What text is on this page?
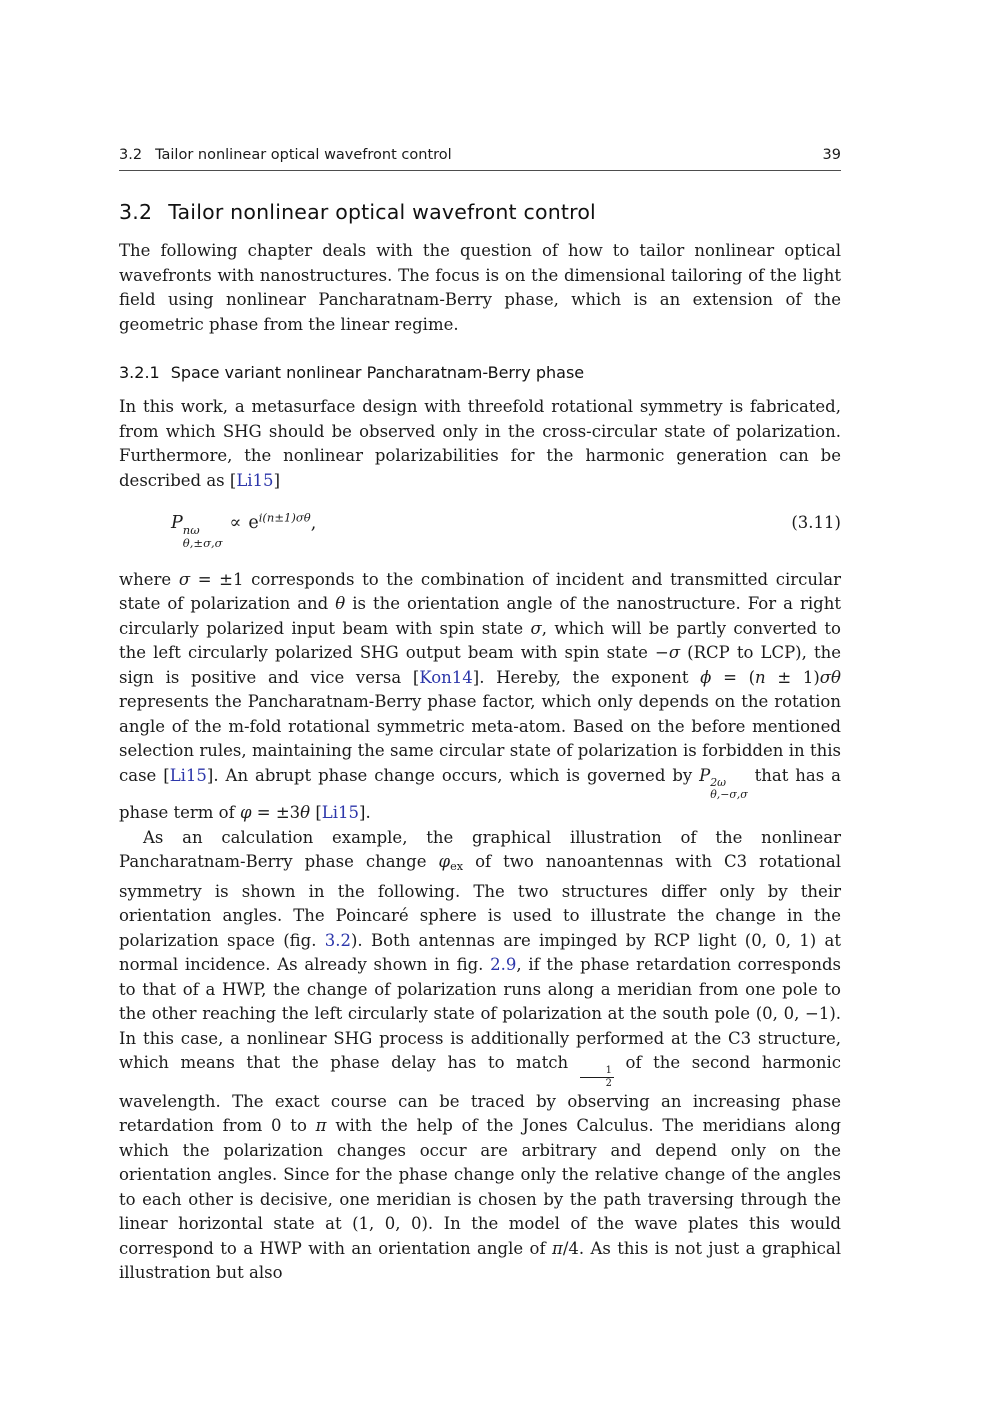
3.2 Tailor nonlinear optical wavefront control	39
3.2 Tailor nonlinear optical wavefront control

The following chapter deals with the question of how to tailor nonlinear optical wavefronts with nanostructures. The focus is on the dimensional tailoring of the light field using nonlinear Pancharatnam-Berry phase, which is an extension of the geometric phase from the linear regime.

3.2.1 Space variant nonlinear Pancharatnam-Berry phase

In this work, a metasurface design with threefold rotational symmetry is fabricated, from which SHG should be observed only in the cross-circular state of polarization. Furthermore, the nonlinear polarizabilities for the harmonic generation can be described as [Li15]

P nω
θ,±σ,σ
∝ $e^{i(n\pm 1)\sigma\theta}$,	(3.11)

where σ = ±1 corresponds to the combination of incident and transmitted circular state of polarization and θ is the orientation angle of the nanostructure. For a right circularly polarized input beam with spin state σ, which will be partly converted to the left circularly polarized SHG output beam with spin state −σ (RCP to LCP), the sign is positive and vice versa [Kon14]. Hereby, the exponent ϕ = (n ± 1)σθ represents the Pancharatnam-Berry phase factor, which only depends on the rotation angle of the m-fold rotational symmetric meta-atom. Based on the before mentioned selection rules, maintaining the same circular state of polarization is forbidden in this case [Li15]. An abrupt phase change occurs, which is governed by P 2ω
θ,−σ,σ
that has a phase term of φ = ±3θ [Li15].

As an calculation example, the graphical illustration of the nonlinear Pancharatnam-Berry phase change φex of two nanoantennas with C3 rotational symmetry is shown in the following. The two structures differ only by their orientation angles. The Poincaré sphere is used to illustrate the change in the polarization space (fig. 3.2). Both antennas are impinged by RCP light (0, 0, 1) at normal incidence. As already shown in fig. 2.9, if the phase retardation corresponds to that of a HWP, the change of polarization runs along a meridian from one pole to the other reaching the left circularly state of polarization at the south pole (0, 0, −1). In this case, a nonlinear SHG process is additionally performed at the C3 structure, which means that the phase delay has to match
$\frac{1}{2}$
of the second harmonic wavelength. The exact course can be traced by observing an increasing phase retardation from 0 to π with the help of the Jones Calculus. The meridians along which the polarization changes occur are arbitrary and depend only on the orientation angles. Since for the phase change only the relative change of the angles to each other is decisive, one meridian is chosen by the path traversing through the linear horizontal state at (1, 0, 0). In the model of the wave plates this would correspond to a HWP with an orientation angle of π/4. As this is not just a graphical illustration but also
